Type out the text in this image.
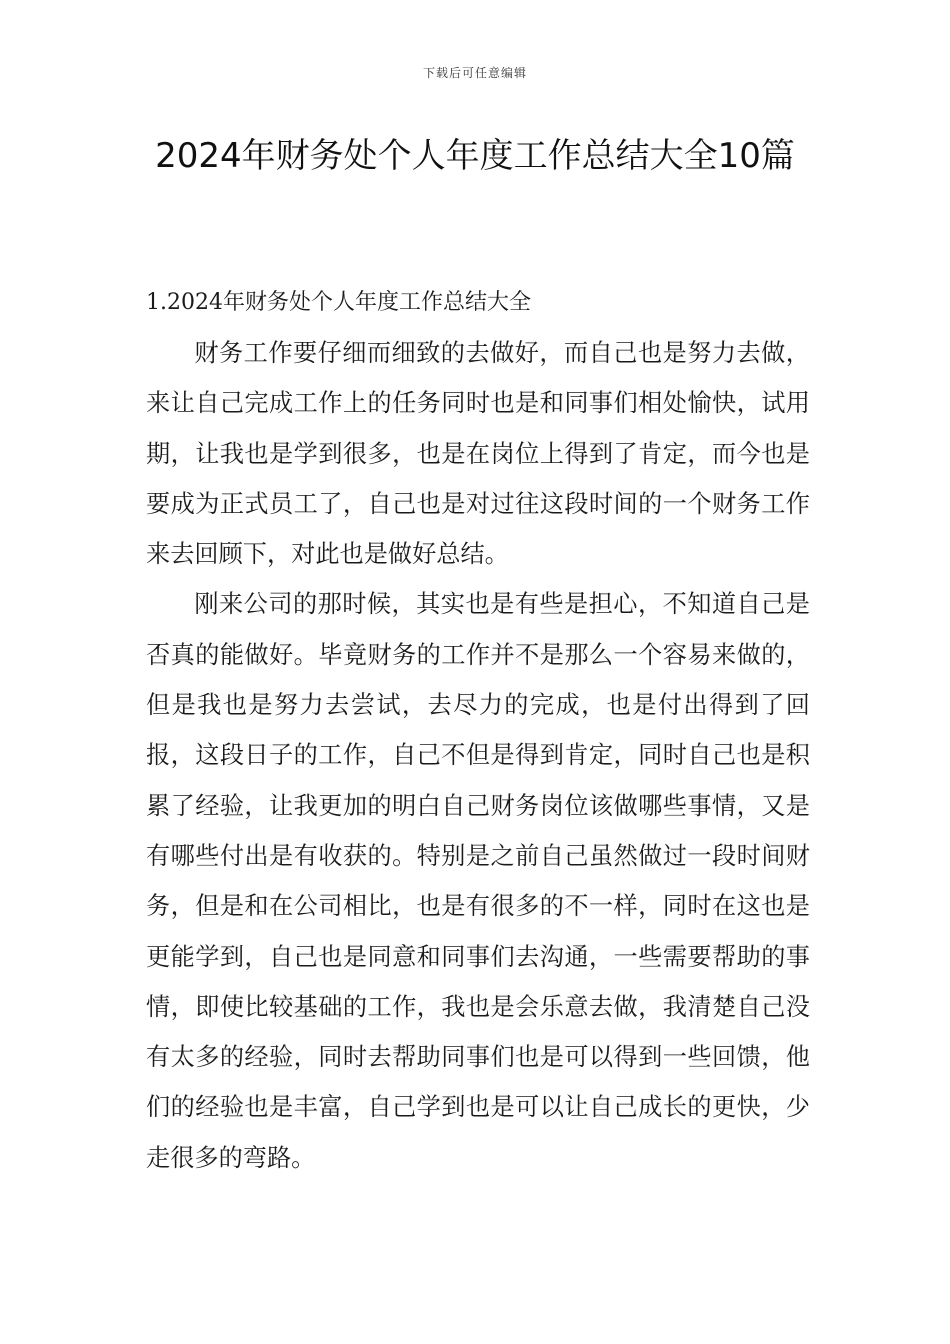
下载后可任意编辑
2024年财务处个人年度工作总结大全10篇

1.2024年财务处个人年度工作总结大全

财务工作要仔细而细致的去做好，而自己也是努力去做，来让自己完成工作上的任务同时也是和同事们相处愉快，试用期，让我也是学到很多，也是在岗位上得到了肯定，而今也是要成为正式员工了，自己也是对过往这段时间的一个财务工作来去回顾下，对此也是做好总结。

刚来公司的那时候，其实也是有些是担心，不知道自己是否真的能做好。毕竟财务的工作并不是那么一个容易来做的，但是我也是努力去尝试，去尽力的完成，也是付出得到了回报，这段日子的工作，自己不但是得到肯定，同时自己也是积累了经验，让我更加的明白自己财务岗位该做哪些事情，又是有哪些付出是有收获的。特别是之前自己虽然做过一段时间财务，但是和在公司相比，也是有很多的不一样，同时在这也是更能学到，自己也是同意和同事们去沟通，一些需要帮助的事情，即使比较基础的工作，我也是会乐意去做，我清楚自己没有太多的经验，同时去帮助同事们也是可以得到一些回馈，他们的经验也是丰富，自己学到也是可以让自己成长的更快，少走很多的弯路。
